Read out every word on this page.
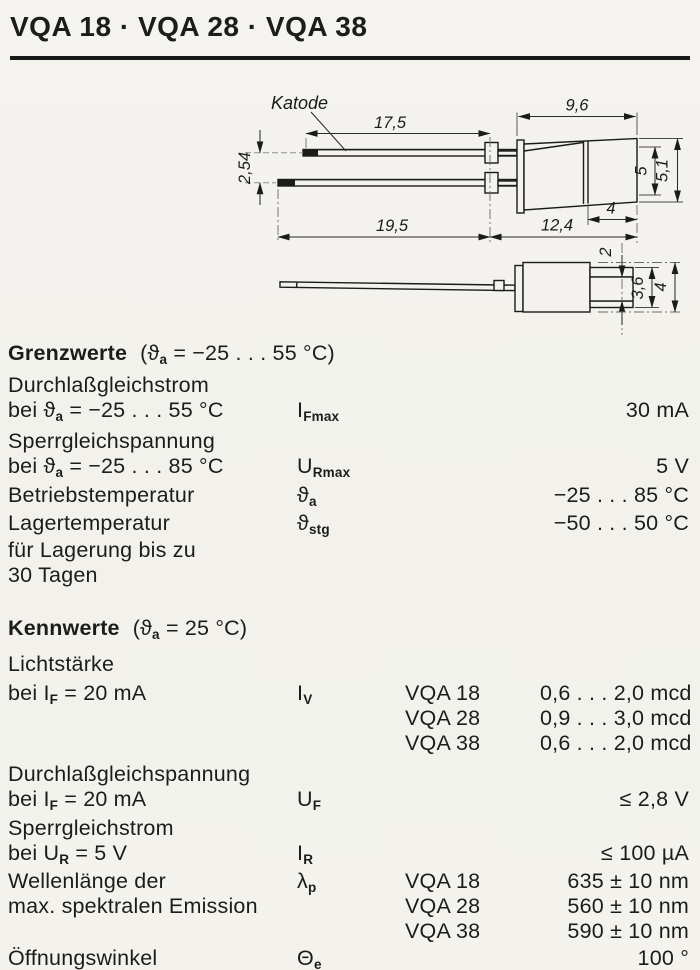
VQA 18 · VQA 28 · VQA 38
Katode
17,5
9,6
2,54	5 5,1
4
19,5	12,4
2
3,6 4
Grenzwerte ($ϑ_a = -25$ . . . 55 °C)
Durchlaßgleichstrom
bei $ϑ_a = -25$ . . . 55 °C	$I_{Fmax}$	30 mA
Sperrgleichspannung
bei $ϑ_a = -25$ . . . 85 °C	$U_{Rmax}$	5 V
Betriebstemperatur	$ϑ_a$	−25 . . . 85 °C
Lagertemperatur	$ϑ_{stg}$	−50 . . . 50 °C
für Lagerung bis zu
30 Tagen
Kennwerte ($ϑ_a = 25$ °C)
Lichtstärke
bei $I_F = 20$ mA	$I_V$	VQA 18	0,6 . . . 2,0 mcd
VQA 28	0,9 . . . 3,0 mcd
VQA 38	0,6 . . . 2,0 mcd
Durchlaßgleichspannung
bei $I_F = 20$ mA	$U_F$	≤ 2,8 V
Sperrgleichstrom
bei $U_R = 5$ V	$I_R$	≤ 100 µA
Wellenlänge der	$\lambda_p$	VQA 18	635 ± 10 nm
max. spektralen Emission	VQA 28	560 ± 10 nm
VQA 38	590 ± 10 nm
Öffnungswinkel	$\Theta_e$	100 °
